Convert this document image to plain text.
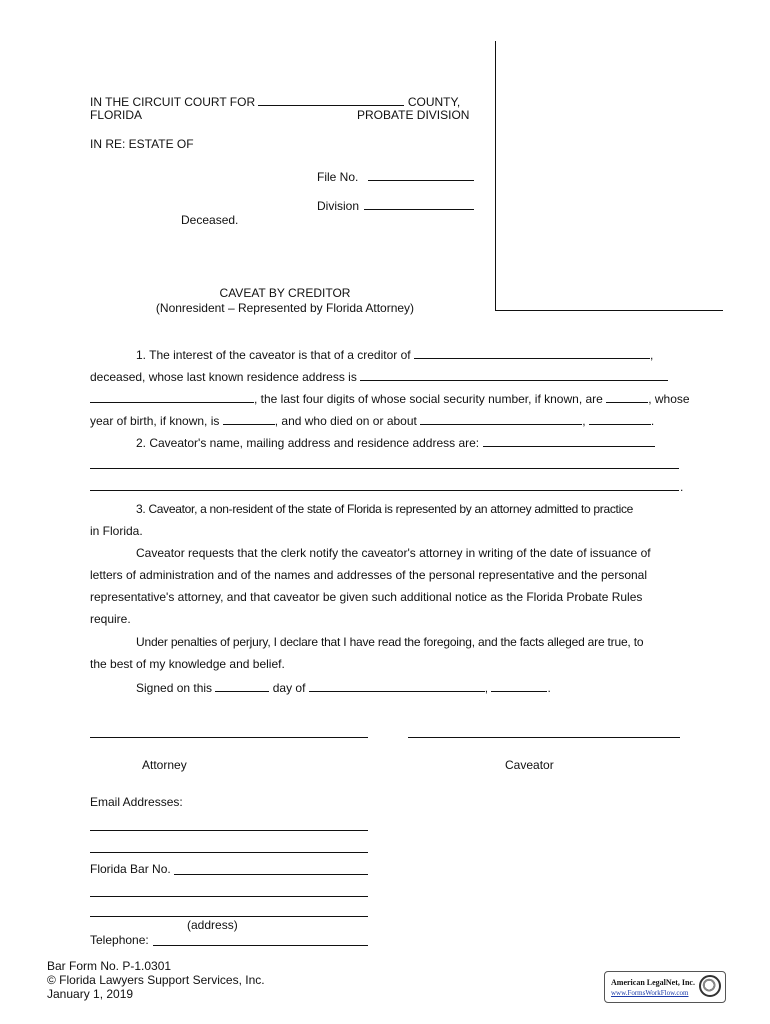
IN THE CIRCUIT COURT FOR	COUNTY,
FLORIDA	PROBATE DIVISION
IN RE: ESTATE OF
File No.
Division
Deceased.
CAVEAT BY CREDITOR
(Nonresident – Represented by Florida Attorney)
1. The interest of the caveator is that of a creditor of	,
deceased, whose last known residence address is
, the last four digits of whose social security number, if known, are	, whose
year of birth, if known, is	, and who died on or about	,	.
2. Caveator's name, mailing address and residence address are:
.
3. Caveator, a non-resident of the state of Florida is represented by an attorney admitted to practice
in Florida.
Caveator requests that the clerk notify the caveator's attorney in writing of the date of issuance of
letters of administration and of the names and addresses of the personal representative and the personal
representative's attorney, and that caveator be given such additional notice as the Florida Probate Rules
require.
Under penalties of perjury, I declare that I have read the foregoing, and the facts alleged are true, to
the best of my knowledge and belief.
Signed on this	day of	,	.
Attorney	Caveator
Email Addresses:
Florida Bar No.
(address)
Telephone:
Bar Form No. P-1.0301
© Florida Lawyers Support Services, Inc.
January 1, 2019
American LegalNet, Inc.
www.FormsWorkFlow.com
